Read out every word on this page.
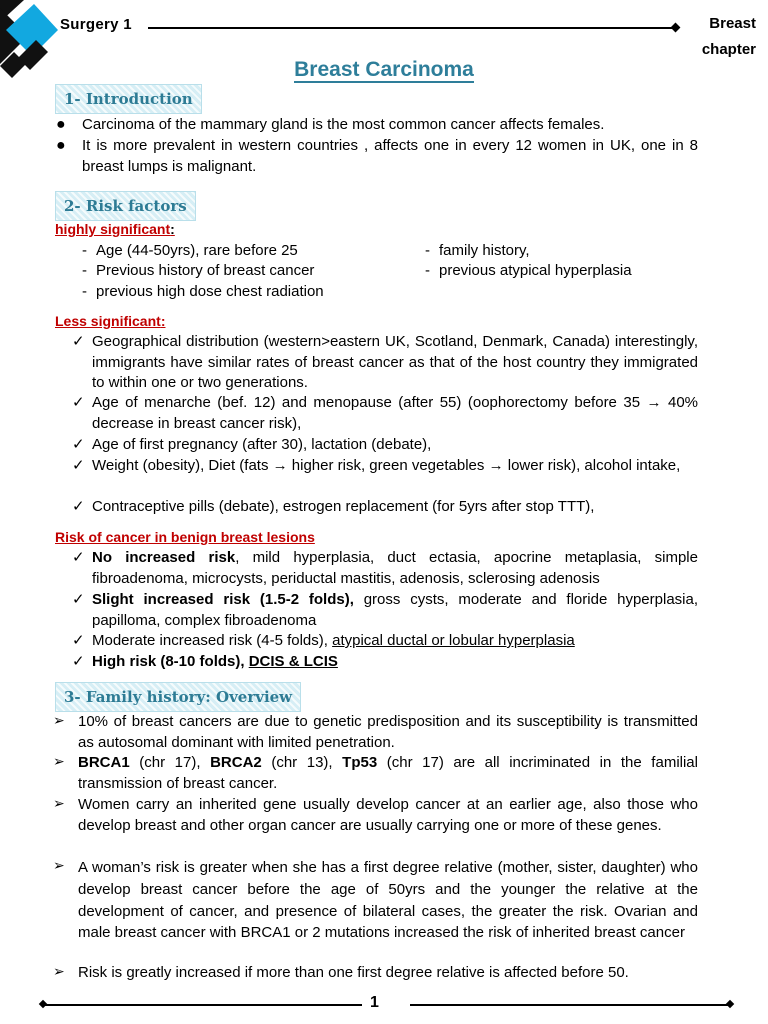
Surgery 1	Breast
chapter
Breast Carcinoma
1- Introduction
● Carcinoma of the mammary gland is the most common cancer affects females.
● It is more prevalent in western countries , affects one in every 12 women in UK, one in 8 breast lumps is malignant.
2- Risk factors
highly significant:
- Age (44-50yrs), rare before 25
- Previous history of breast cancer
- previous high dose chest radiation
- family history,
- previous atypical hyperplasia
Less significant:
✓ Geographical distribution (western>eastern UK, Scotland, Denmark, Canada) interestingly, immigrants have similar rates of breast cancer as that of the host country they immigrated to within one or two generations.
✓ Age of menarche (bef. 12) and menopause (after 55) (oophorectomy before 35 → 40% decrease in breast cancer risk),
✓ Age of first pregnancy (after 30), lactation (debate),
✓ Weight (obesity), Diet (fats → higher risk, green vegetables → lower risk), alcohol intake,
✓ Contraceptive pills (debate), estrogen replacement (for 5yrs after stop TTT),
Risk of cancer in benign breast lesions
✓ No increased risk, mild hyperplasia, duct ectasia, apocrine metaplasia, simple fibroadenoma, microcysts, periductal mastitis, adenosis, sclerosing adenosis
✓ Slight increased risk (1.5-2 folds), gross cysts, moderate and floride hyperplasia, papilloma, complex fibroadenoma
✓ Moderate increased risk (4-5 folds), atypical ductal or lobular hyperplasia
✓ High risk (8-10 folds), DCIS & LCIS
3- Family history: Overview
➢ 10% of breast cancers are due to genetic predisposition and its susceptibility is transmitted as autosomal dominant with limited penetration.
➢ BRCA1 (chr 17), BRCA2 (chr 13), Tp53 (chr 17) are all incriminated in the familial transmission of breast cancer.
➢ Women carry an inherited gene usually develop cancer at an earlier age, also those who develop breast and other organ cancer are usually carrying one or more of these genes.
➢ A woman’s risk is greater when she has a first degree relative (mother, sister, daughter) who develop breast cancer before the age of 50yrs and the younger the relative at the development of cancer, and presence of bilateral cases, the greater the risk. Ovarian and male breast cancer with BRCA1 or 2 mutations increased the risk of inherited breast cancer
➢ Risk is greatly increased if more than one first degree relative is affected before 50.
1
